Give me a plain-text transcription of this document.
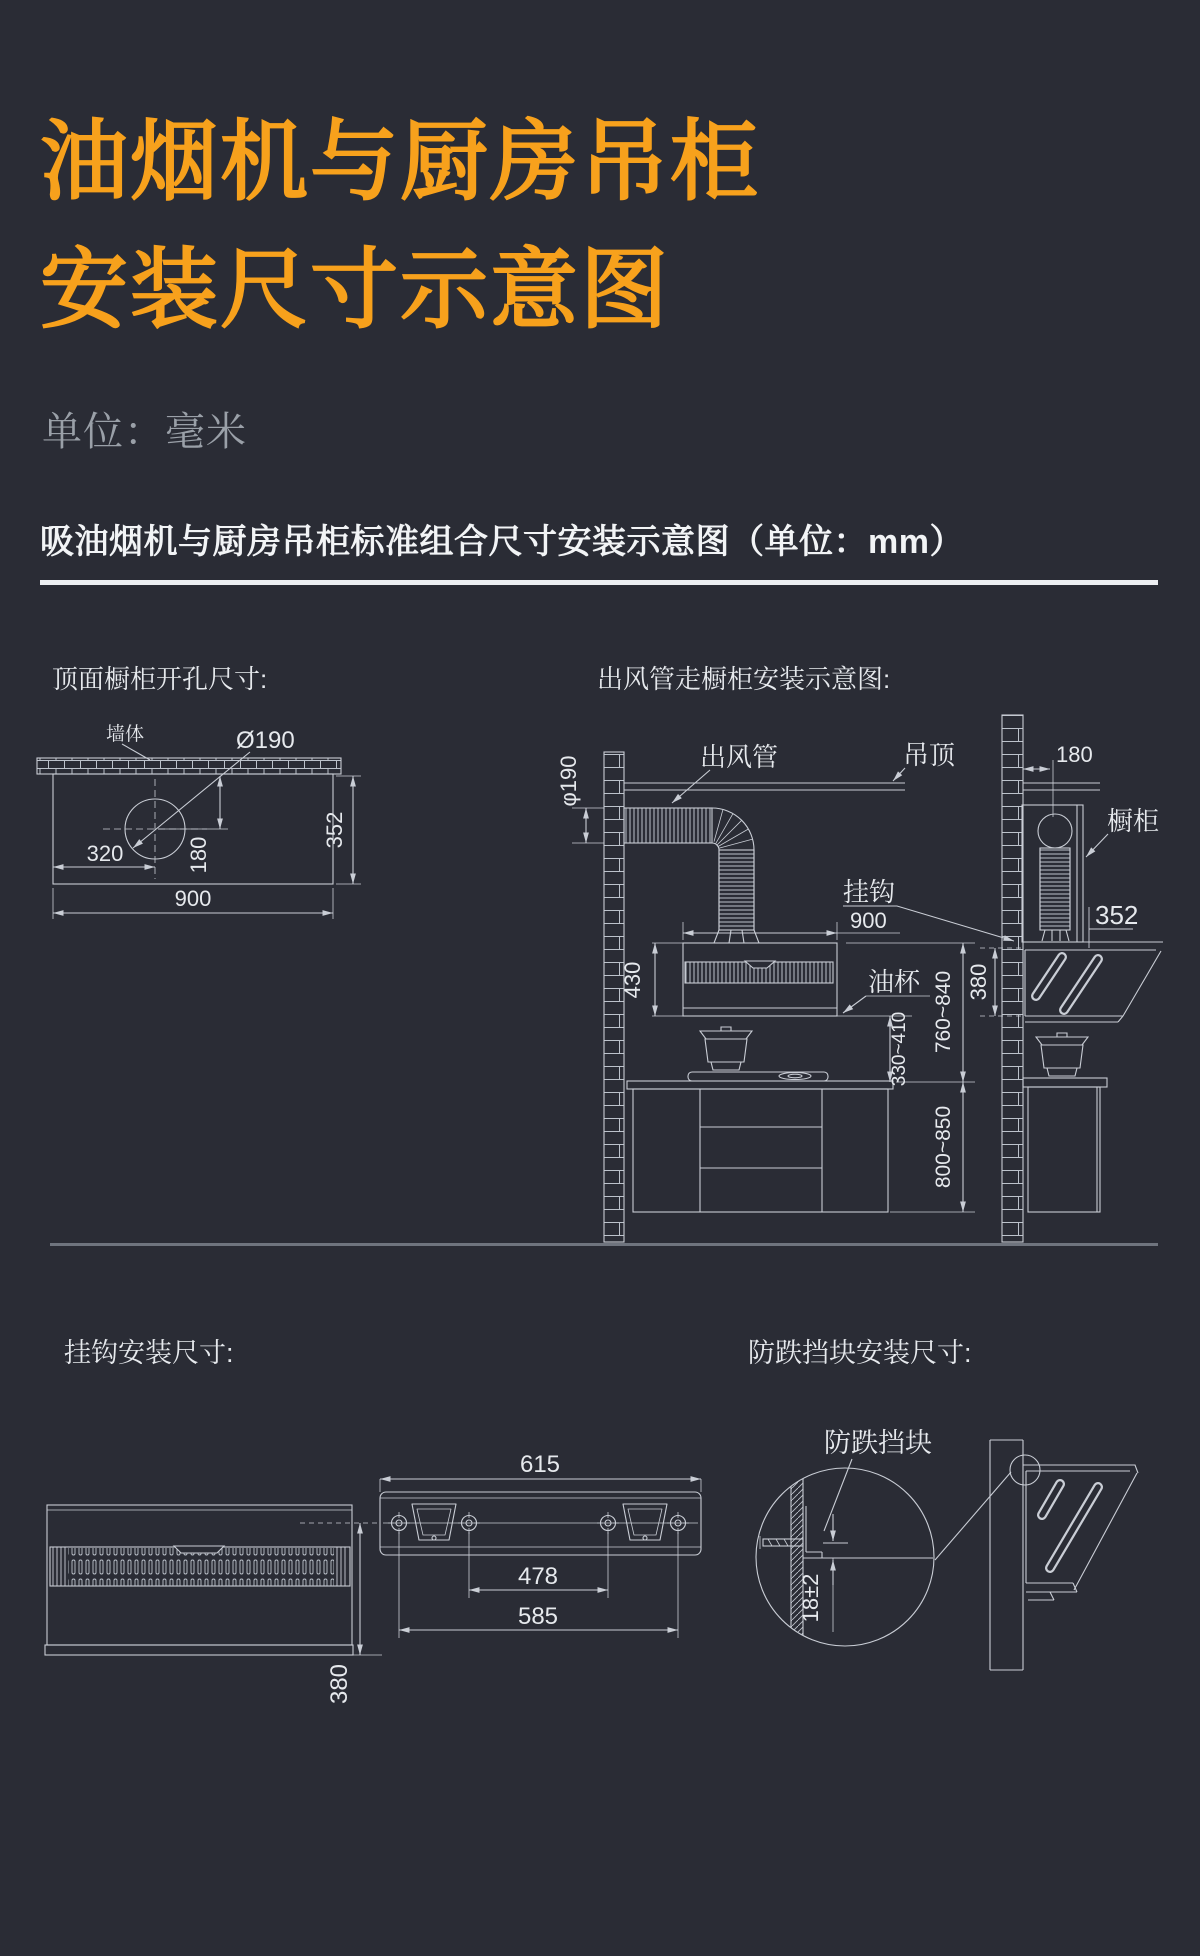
油烟机与厨房吊柜
安装尺寸示意图
单位：毫米
吸油烟机与厨房吊柜标准组合尺寸安装示意图（单位：mm）
顶面橱柜开孔尺寸:
墙体	Ø190
320	180
900
352
出风管走橱柜安装示意图:
出风管	吊顶
φ190
900
挂钩
橱柜
油杯
430
330~410 760~840
800~850
180
352
380
挂钩安装尺寸:
615
478
585
380
防跌挡块安装尺寸:
防跌挡块
18±2
